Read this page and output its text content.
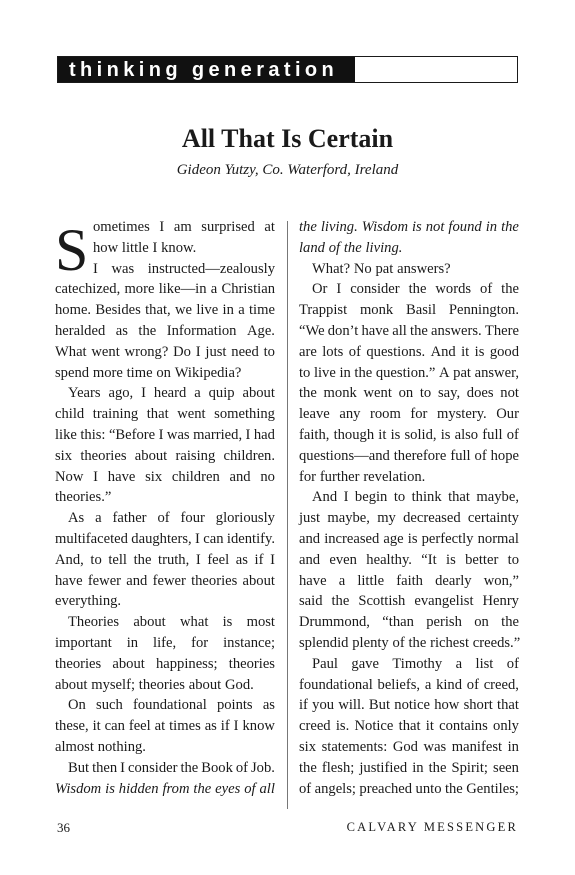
thinking generation
All That Is Certain
Gideon Yutzy, Co. Waterford, Ireland
S ometimes I am surprised at
how little I know.
I was instructed—zealously
catechized, more like—in a Christian
home. Besides that, we live in a time
heralded as the Information Age.
What went wrong? Do I just need to
spend more time on Wikipedia?
Years ago, I heard a quip about
child training that went something
like this: “Before I was married, I had
six theories about raising children.
Now I have six children and no
theories.”
As a father of four gloriously
multifaceted daughters, I can identify.
And, to tell the truth, I feel as if I
have fewer and fewer theories about
everything.
Theories about what is most
important in life, for instance;
theories about happiness; theories
about myself; theories about God.
On such foundational points as
these, it can feel at times as if I know
almost nothing.
But then I consider the Book of Job.
Wisdom is hidden from the eyes of all
the living. Wisdom is not found in the
land of the living.
What? No pat answers?
Or I consider the words of the
Trappist monk Basil Pennington.
“We don’t have all the answers. There
are lots of questions. And it is good
to live in the question.” A pat answer,
the monk went on to say, does not
leave any room for mystery. Our
faith, though it is solid, is also full of
questions—and therefore full of hope
for further revelation.
And I begin to think that maybe,
just maybe, my decreased certainty
and increased age is perfectly normal
and even healthy. “It is better to
have a little faith dearly won,”
said the Scottish evangelist Henry
Drummond, “than perish on the
splendid plenty of the richest creeds.”
Paul gave Timothy a list of
foundational beliefs, a kind of creed,
if you will. But notice how short that
creed is. Notice that it contains only
six statements: God was manifest in
the flesh; justified in the Spirit; seen
of angels; preached unto the Gentiles;
36	CALVARY MESSENGER
